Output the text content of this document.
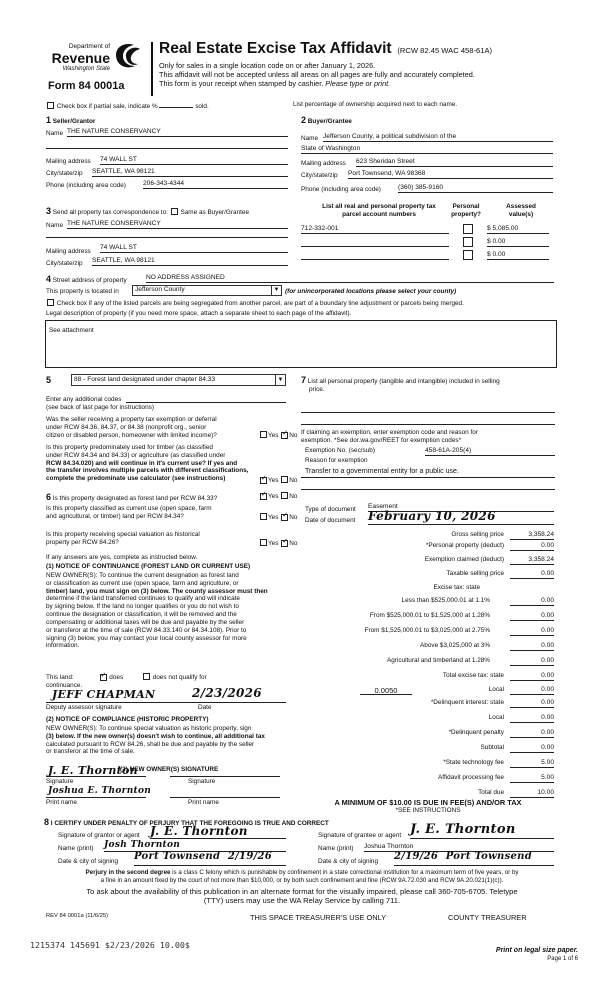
Department of
Revenue
Washington State
Form 84 0001a
Real Estate Excise Tax Affidavit (RCW 82.45 WAC 458-61A)
Only for sales in a single location code on or after January 1, 2026.
This affidavit will not be accepted unless all areas on all pages are fully and accurately completed.
This form is your receipt when stamped by cashier. Please type or print.
Check box if partial sale, indicate %	sold.	List percentage of ownership acquired next to each name.
1 Seller/Grantor
Name THE NATURE CONSERVANCY
Mailing address 74 WALL ST
City/state/zip SEATTLE, WA 98121
Phone (including area code)	206-343-4344
2 Buyer/Grantee
Name Jefferson County, a political subdivision of the
State of Washington
Mailing address 623 Sheridan Street
City/state/zip Port Townsend, WA 98368
Phone (including area code)	(360) 385-9160
3 Send all property tax correspondence to: Same as Buyer/Grantee
Name THE NATURE CONSERVANCY
Mailing address
74 WALL ST
City/state/zip SEATTLE, WA 98121
List all real and personal property tax
parcel account numbers
Personal
property?
Assessed
value(s)
712-332-001	$ 5,085.00
$ 0.00
$ 0.00
4 Street address of property	NO ADDRESS ASSIGNED
This property is located in Jefferson County	▼ (for unincorporated locations please select your county)
Check box if any of the listed parcels are being segregated from another parcel, are part of a boundary line adjustment or parcels being merged.
Legal description of property (if you need more space, attach a separate sheet to each page of the affidavit).
See attachment
5	88 - Forest land designated under chapter 84.33	▼
Enter any additional codes
(see back of last page for instructions)
Was the seller receiving a property tax exemption or deferral
under RCW 84.36, 84.37, or 84.38 (nonprofit org., senior
citizen or disabled person, homeowner with limited income)?	Yes ✓ No
Is this property predominately used for timber (as classified
under RCW 84.34 and 84.33) or agriculture (as classified under
RCW 84.34.020) and will continue in it's current use? If yes and
the transfer involves multiple parcels with different classifications,
complete the predominate use calculator (see instructions) ✓	Yes No
6 Is this property designated as forest land per RCW 84.33? ✓	Yes No
Is this property classified as current use (open space, farm
and agricultural, or timber) land per RCW 84.34?	Yes ✓ No
Is this property receiving special valuation as historical
property per RCW 84.26?	Yes ✓ No
If any answers are yes, complete as instructed below.
(1) NOTICE OF CONTINUANCE (FOREST LAND OR CURRENT USE)
NEW OWNER(S): To continue the current designation as forest land
or classification as current use (open space, farm and agriculture, or
timber) land, you must sign on (3) below. The county assessor must then
determine if the land transferred continues to qualify and will indicate
by signing below. If the land no longer qualifies or you do not wish to
continue the designation or classification, it will be removed and the
compensating or additional taxes will be due and payable by the seller
or transferor at the time of sale (RCW 84.33.140 or 84.34.108). Prior to
signing (3) below, you may contact your local county assessor for more
information.
This land: ✓	does	does not qualify for
continuance.
JEFF CHAPMAN	2/23/2026
Deputy assessor signature	Date
(2) NOTICE OF COMPLIANCE (HISTORIC PROPERTY)
NEW OWNER(S): To continue special valuation as historic property, sign
(3) below. If the new owner(s) doesn't wish to continue, all additional tax
calculated pursuant to RCW 84.26, shall be due and payable by the seller
or transferor at the time of sale.
J. E. Thornton
(3) NEW OWNER(S) SIGNATURE
Signature	Signature
Joshua E. Thornton
Print name	Print name
7 List all personal property (tangible and intangible) included in selling
price.
If claiming an exemption, enter exemption code and reason for
exemption. *See dor.wa.gov/REET for exemption codes*
Exemption No. (sec/sub)	458-61A-205(4)
Reason for exemption
Transfer to a governmental entity for a public use.
Type of document Easement
Date of document February 10, 2026
Gross selling price	3,358.24
*Personal property (deduct)	0.00
Exemption claimed (deduct)	3,358.24
Taxable selling price	0.00
Excise tax: state
Less than $525,000.01 at 1.1%	0.00
From $525,000.01 to $1,525,000 at 1.28%	0.00
From $1,525,000.01 to $3,025,000 at 2.75%	0.00
Above $3,025,000 at 3%	0.00
Agricultural and timberland at 1.28%	0.00
Total excise tax: state	0.00
0.0050	Local	0.00
*Delinquent interest: state	0.00
Local	0.00
*Delinquent penalty	0.00
Subtotal	0.00
*State technology fee	5.00
Affidavit processing fee	5.00
Total due	10.00
A MINIMUM OF $10.00 IS DUE IN FEE(S) AND/OR TAX
*SEE INSTRUCTIONS
8 I CERTIFY UNDER PENALTY OF PERJURY THAT THE FOREGOING IS TRUE AND CORRECT
Signature of grantor or agent J. E. Thornton
Name (print) Josh Thornton
Date & city of signing Port Townsend  2/19/26
Signature of grantee or agent J. E. Thornton
Name (print) Joshua Thornton
Date & city of signing 2/19/26  Port Townsend
Perjury in the second degree is a class C felony which is punishable by confinement in a state correctional institution for a maximum term of five years, or by
a fine in an amount fixed by the court of not more than $10,000, or by both such confinement and fine (RCW 9A.72.030 and RCW 9A.20.021(1)(c)).
To ask about the availability of this publication in an alternate format for the visually impaired, please call 360-705-6705. Teletype
(TTY) users may use the WA Relay Service by calling 711.
REV 84 0001a (11/6/25)	THIS SPACE TREASURER'S USE ONLY	COUNTY TREASURER
1215374 145691 $2/23/2026 10.00$
Print on legal size paper.
Page 1 of 6
